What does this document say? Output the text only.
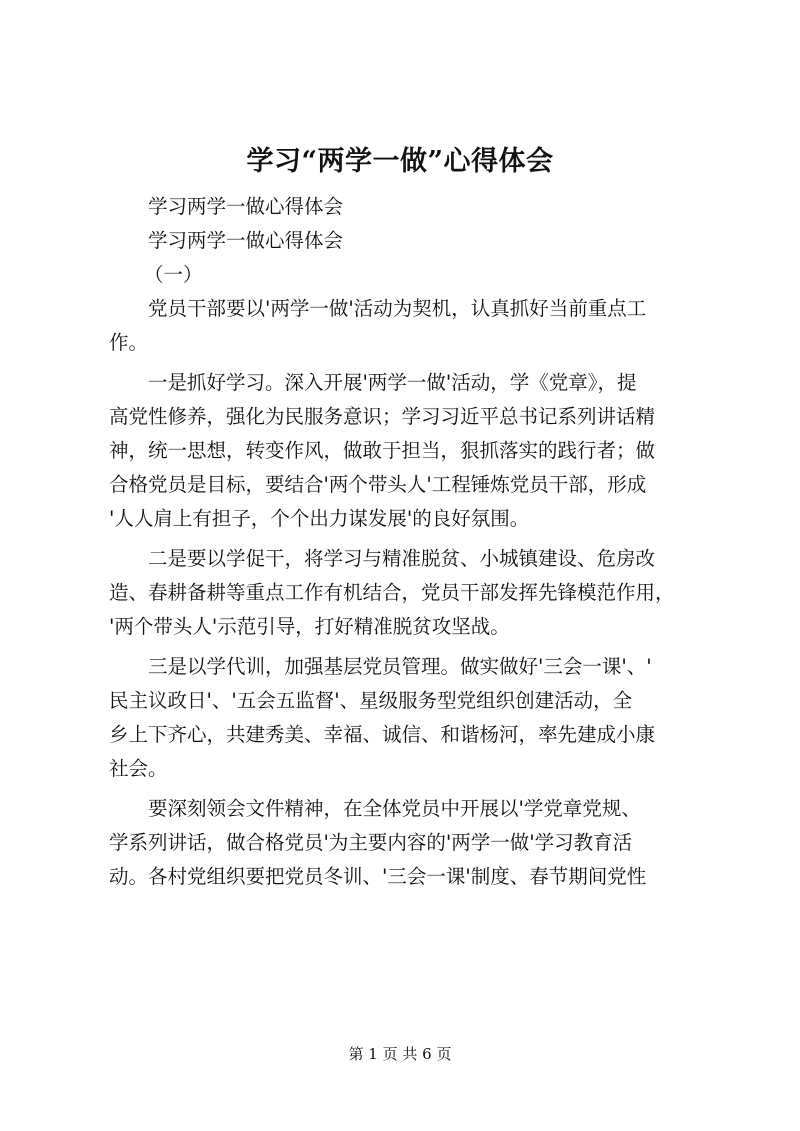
学习“两学一做”心得体会

学习两学一做心得体会

学习两学一做心得体会

（一）

党员干部要以'两学一做'活动为契机，认真抓好当前重点工

作。

一是抓好学习。深入开展'两学一做'活动，学《党章》，提

高党性修养，强化为民服务意识；学习习近平总书记系列讲话精

神，统一思想，转变作风，做敢于担当，狠抓落实的践行者；做

合格党员是目标，要结合'两个带头人'工程锤炼党员干部，形成

'人人肩上有担子，个个出力谋发展'的良好氛围。

二是要以学促干，将学习与精准脱贫、小城镇建设、危房改

造、春耕备耕等重点工作有机结合，党员干部发挥先锋模范作用，

'两个带头人'示范引导，打好精准脱贫攻坚战。

三是以学代训，加强基层党员管理。做实做好'三会一课'、'

民主议政日'、'五会五监督'、星级服务型党组织创建活动，全

乡上下齐心，共建秀美、幸福、诚信、和谐杨河，率先建成小康

社会。

要深刻领会文件精神，在全体党员中开展以'学党章党规、

学系列讲话，做合格党员'为主要内容的'两学一做'学习教育活

动。各村党组织要把党员冬训、'三会一课'制度、春节期间党性

第 1 页 共 6 页
